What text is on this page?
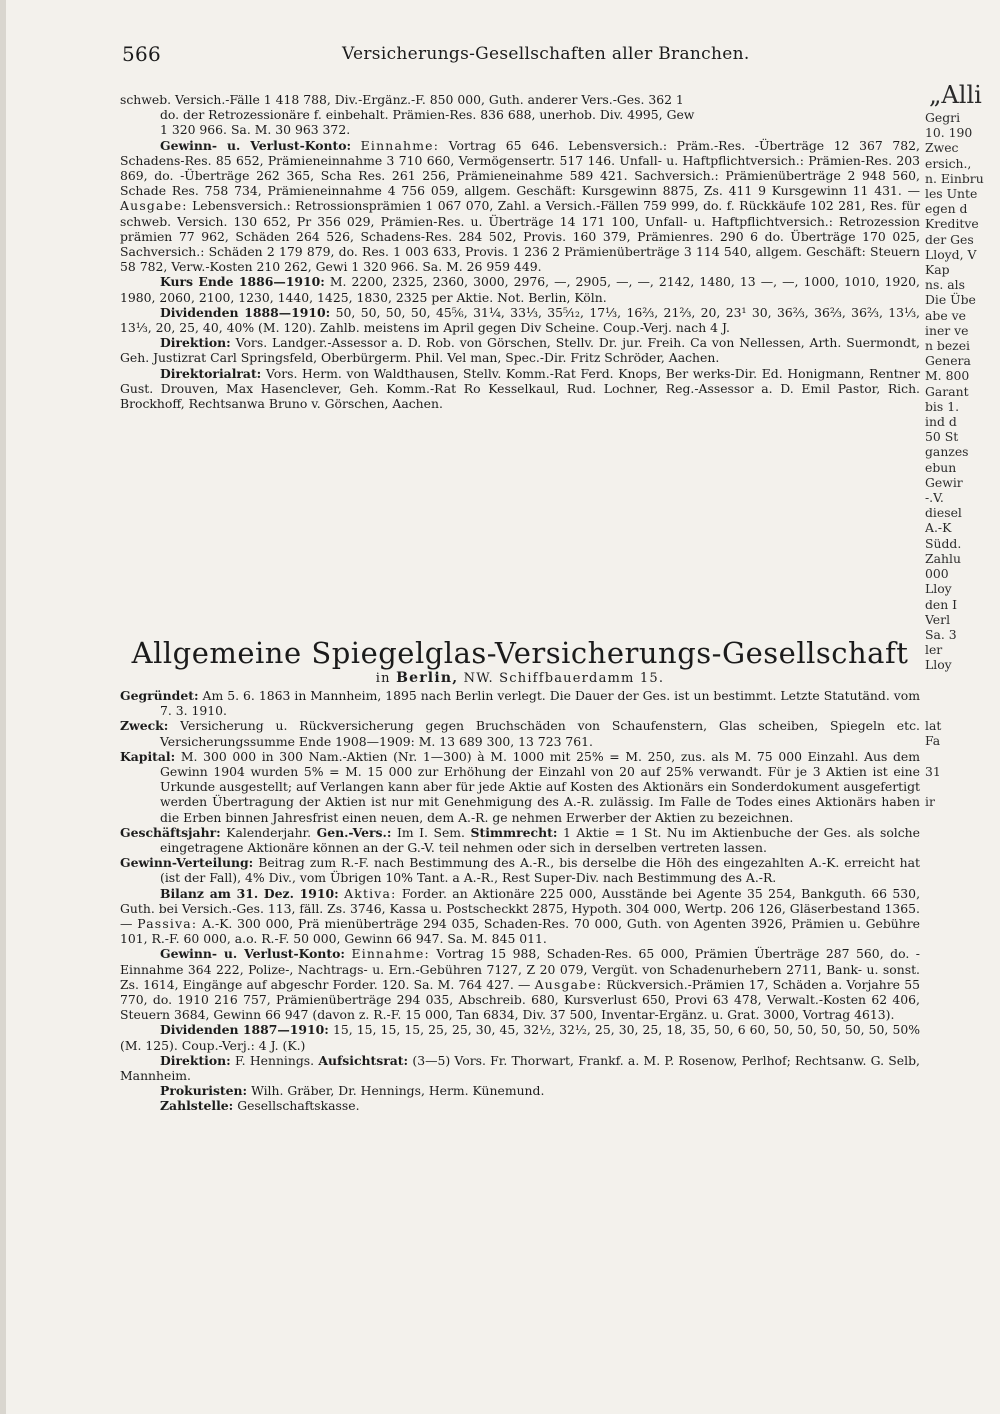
566	Versicherungs-Gesellschaften aller Branchen.

schweb. Versich.-Fälle 1 418 788, Div.-Ergänz.-F. 850 000, Guth. anderer Vers.-Ges. 362 1

do. der Retrozessionäre f. einbehalt. Prämien-Res. 836 688, unerhob. Div. 4995, Gew

1 320 966. Sa. M. 30 963 372.

Gewinn- u. Verlust-Konto: Einnahme: Vortrag 65 646. Lebensversich.: Präm.-Res. -Überträge 12 367 782, Schadens-Res. 85 652, Prämieneinnahme 3 710 660, Vermögensertr. 517 146. Unfall- u. Haftpflichtversich.: Prämien-Res. 203 869, do. -Überträge 262 365, Scha Res. 261 256, Prämieneinahme 589 421. Sachversich.: Prämienüberträge 2 948 560, Schade Res. 758 734, Prämieneinnahme 4 756 059, allgem. Geschäft: Kursgewinn 8875, Zs. 411 9 Kursgewinn 11 431. — Ausgabe: Lebensversich.: Retrossionsprämien 1 067 070, Zahl. a Versich.-Fällen 759 999, do. f. Rückkäufe 102 281, Res. für schweb. Versich. 130 652, Pr 356 029, Prämien-Res. u. Überträge 14 171 100, Unfall- u. Haftpflichtversich.: Retrozession prämien 77 962, Schäden 264 526, Schadens-Res. 284 502, Provis. 160 379, Prämienres. 290 6 do. Überträge 170 025, Sachversich.: Schäden 2 179 879, do. Res. 1 003 633, Provis. 1 236 2 Prämienüberträge 3 114 540, allgem. Geschäft: Steuern 58 782, Verw.-Kosten 210 262, Gewi 1 320 966. Sa. M. 26 959 449.

Kurs Ende 1886—1910: M. 2200, 2325, 2360, 3000, 2976, —, 2905, —, —, 2142, 1480, 13 —, —, 1000, 1010, 1920, 1980, 2060, 2100, 1230, 1440, 1425, 1830, 2325 per Aktie. Not. Berlin, Köln.

Dividenden 1888—1910: 50, 50, 50, 50, 45⁵⁄₆, 31¹⁄₄, 33¹⁄₃, 35⁵⁄₁₂, 17¹⁄₃, 16²⁄₃, 21²⁄₃, 20, 23¹ 30, 36²⁄₃, 36²⁄₃, 36²⁄₃, 13¹⁄₃, 13¹⁄₃, 20, 25, 40, 40% (M. 120). Zahlb. meistens im April gegen Div Scheine. Coup.-Verj. nach 4 J.

Direktion: Vors. Landger.-Assessor a. D. Rob. von Görschen, Stellv. Dr. jur. Freih. Ca von Nellessen, Arth. Suermondt, Geh. Justizrat Carl Springsfeld, Oberbürgerm. Phil. Vel man, Spec.-Dir. Fritz Schröder, Aachen.

Direktorialrat: Vors. Herm. von Waldthausen, Stellv. Komm.-Rat Ferd. Knops, Ber werks-Dir. Ed. Honigmann, Rentner Gust. Drouven, Max Hasenclever, Geh. Komm.-Rat Ro Kesselkaul, Rud. Lochner, Reg.-Assessor a. D. Emil Pastor, Rich. Brockhoff, Rechtsanwa Bruno v. Görschen, Aachen.

Allgemeine Spiegelglas-Versicherungs-Gesellschaft
in Berlin, NW. Schiffbauerdamm 15.

Gegründet: Am 5. 6. 1863 in Mannheim, 1895 nach Berlin verlegt. Die Dauer der Ges. ist un bestimmt. Letzte Statutänd. vom 7. 3. 1910.

Zweck: Versicherung u. Rückversicherung gegen Bruchschäden von Schaufenstern, Glas scheiben, Spiegeln etc. Versicherungssumme Ende 1908—1909: M. 13 689 300, 13 723 761.

Kapital: M. 300 000 in 300 Nam.-Aktien (Nr. 1—300) à M. 1000 mit 25% = M. 250, zus. als M. 75 000 Einzahl. Aus dem Gewinn 1904 wurden 5% = M. 15 000 zur Erhöhung der Einzahl von 20 auf 25% verwandt. Für je 3 Aktien ist eine Urkunde ausgestellt; auf Verlangen kann aber für jede Aktie auf Kosten des Aktionärs ein Sonderdokument ausgefertigt werden Übertragung der Aktien ist nur mit Genehmigung des A.-R. zulässig. Im Falle de Todes eines Aktionärs haben die Erben binnen Jahresfrist einen neuen, dem A.-R. ge nehmen Erwerber der Aktien zu bezeichnen.

Geschäftsjahr: Kalenderjahr. Gen.-Vers.: Im I. Sem. Stimmrecht: 1 Aktie = 1 St. Nu im Aktienbuche der Ges. als solche eingetragene Aktionäre können an der G.-V. teil nehmen oder sich in derselben vertreten lassen.

Gewinn-Verteilung: Beitrag zum R.-F. nach Bestimmung des A.-R., bis derselbe die Höh des eingezahlten A.-K. erreicht hat (ist der Fall), 4% Div., vom Übrigen 10% Tant. a A.-R., Rest Super-Div. nach Bestimmung des A.-R.

Bilanz am 31. Dez. 1910: Aktiva: Forder. an Aktionäre 225 000, Ausstände bei Agente 35 254, Bankguth. 66 530, Guth. bei Versich.-Ges. 113, fäll. Zs. 3746, Kassa u. Postscheckkt 2875, Hypoth. 304 000, Wertp. 206 126, Gläserbestand 1365. — Passiva: A.-K. 300 000, Prä mienüberträge 294 035, Schaden-Res. 70 000, Guth. von Agenten 3926, Prämien u. Gebühre 101, R.-F. 60 000, a.o. R.-F. 50 000, Gewinn 66 947. Sa. M. 845 011.

Gewinn- u. Verlust-Konto: Einnahme: Vortrag 15 988, Schaden-Res. 65 000, Prämien Überträge 287 560, do. -Einnahme 364 222, Polize-, Nachtrags- u. Ern.-Gebühren 7127, Z 20 079, Vergüt. von Schadenurhebern 2711, Bank- u. sonst. Zs. 1614, Eingänge auf abgeschr Forder. 120. Sa. M. 764 427. — Ausgabe: Rückversich.-Prämien 17, Schäden a. Vorjahre 55 770, do. 1910 216 757, Prämienüberträge 294 035, Abschreib. 680, Kursverlust 650, Provi 63 478, Verwalt.-Kosten 62 406, Steuern 3684, Gewinn 66 947 (davon z. R.-F. 15 000, Tan 6834, Div. 37 500, Inventar-Ergänz. u. Grat. 3000, Vortrag 4613).

Dividenden 1887—1910: 15, 15, 15, 15, 25, 25, 30, 45, 32½, 32½, 25, 30, 25, 18, 35, 50, 6 60, 50, 50, 50, 50, 50, 50% (M. 125). Coup.-Verj.: 4 J. (K.)

Direktion: F. Hennings. Aufsichtsrat: (3—5) Vors. Fr. Thorwart, Frankf. a. M. P. Rosenow, Perlhof; Rechtsanw. G. Selb, Mannheim.

Prokuristen: Wilh. Gräber, Dr. Hennings, Herm. Künemund.

Zahlstelle: Gesellschaftskasse.

„Alli

Gegri

10. 190

Zwec

ersich.,

n. Einbru

les Unte

egen d

Kreditve

der Ges

Lloyd, V

Kap

ns. als

Die Übe

abe ve

iner ve

n bezei

Genera

M. 800

Garant

bis 1.

ind d

50 St

ganzes

ebun

Gewir

-.V.

diesel

A.-K

Südd.

Zahlu

000

Lloy

den I

Verl

Sa. 3

ler

Lloy

lat

Fa

31

ir
